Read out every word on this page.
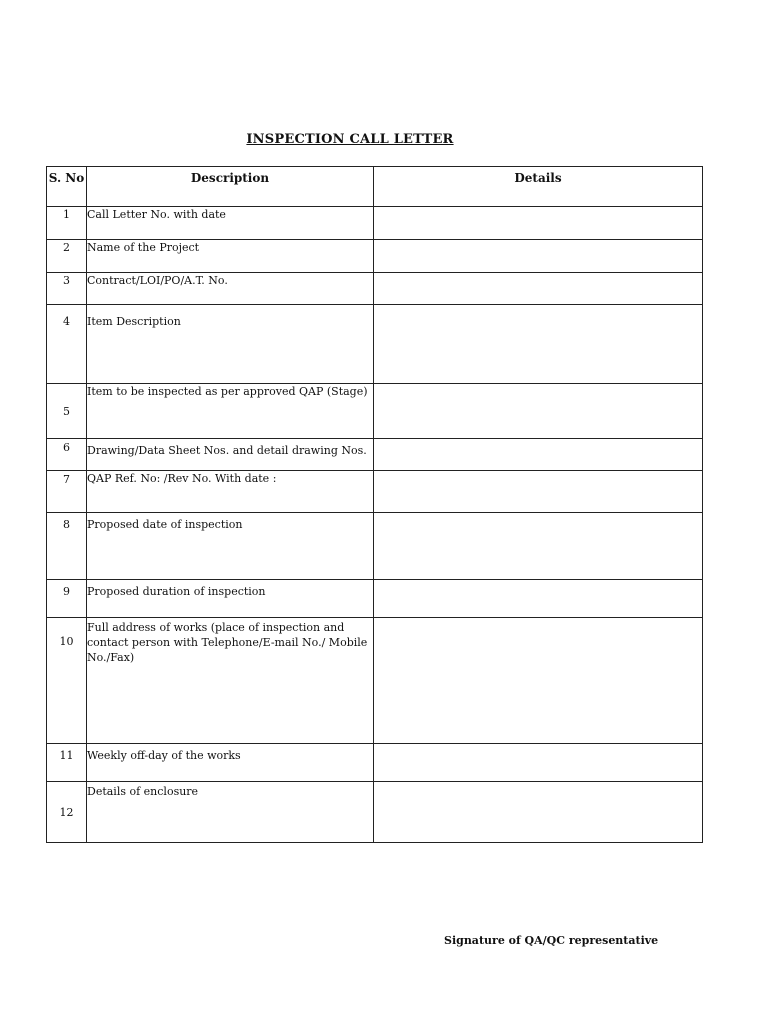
INSPECTION CALL LETTER
S. No	Description	Details
1	Call Letter No. with date	
2	Name of the Project	
3	Contract/LOI/PO/A.T. No.	
4	Item Description	
5	Item to be inspected as per approved QAP (Stage)	
6	Drawing/Data Sheet Nos. and detail drawing Nos.	
7	QAP Ref. No: /Rev No. With date :	
8	Proposed date of inspection	
9	Proposed duration of inspection	
10	Full address of works (place of inspection and contact person with Telephone/E-mail No./ Mobile No./Fax)	
11	Weekly off-day of the works	
12	Details of enclosure	
Signature of QA/QC representative
